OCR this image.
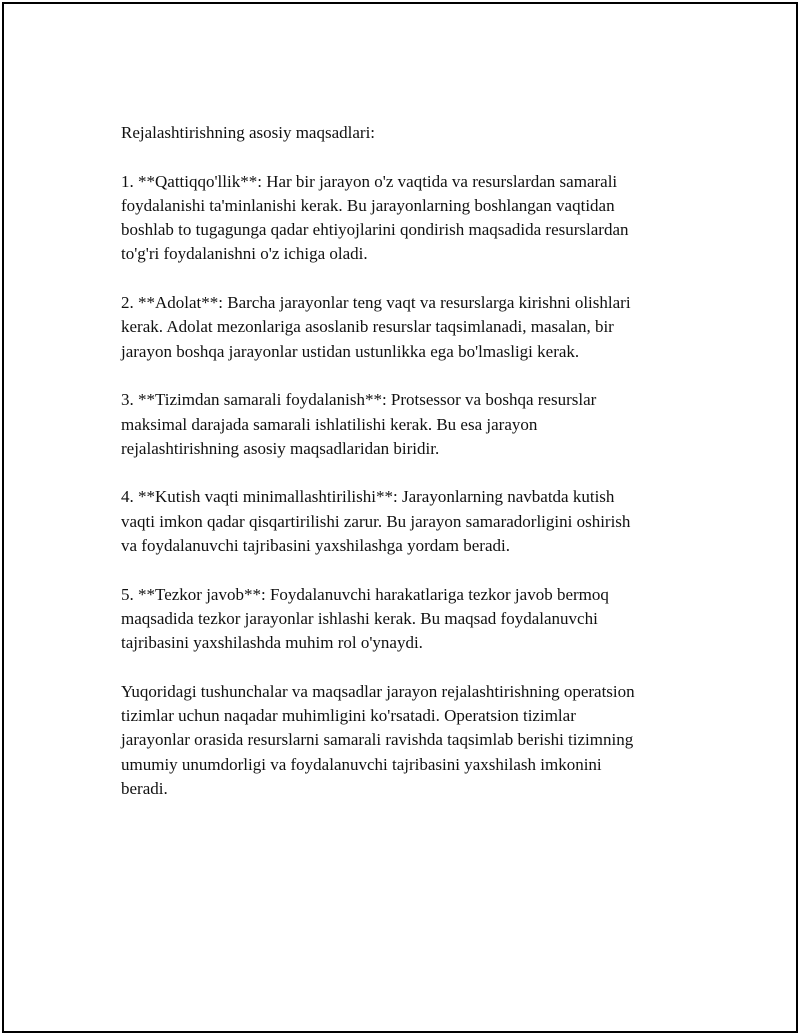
Rejalashtirishning asosiy maqsadlari:

1. **Qattiqqo'llik**: Har bir jarayon o'z vaqtida va resurslardan samarali
foydalanishi ta'minlanishi kerak. Bu jarayonlarning boshlangan vaqtidan
boshlab to tugagunga qadar ehtiyojlarini qondirish maqsadida resurslardan
to'g'ri foydalanishni o'z ichiga oladi.

2. **Adolat**: Barcha jarayonlar teng vaqt va resurslarga kirishni olishlari
kerak. Adolat mezonlariga asoslanib resurslar taqsimlanadi, masalan, bir
jarayon boshqa jarayonlar ustidan ustunlikka ega bo'lmasligi kerak.

3. **Tizimdan samarali foydalanish**: Protsessor va boshqa resurslar
maksimal darajada samarali ishlatilishi kerak. Bu esa jarayon
rejalashtirishning asosiy maqsadlaridan biridir.

4. **Kutish vaqti minimallashtirilishi**: Jarayonlarning navbatda kutish
vaqti imkon qadar qisqartirilishi zarur. Bu jarayon samaradorligini oshirish
va foydalanuvchi tajribasini yaxshilashga yordam beradi.

5. **Tezkor javob**: Foydalanuvchi harakatlariga tezkor javob bermoq
maqsadida tezkor jarayonlar ishlashi kerak. Bu maqsad foydalanuvchi
tajribasini yaxshilashda muhim rol o'ynaydi.

Yuqoridagi tushunchalar va maqsadlar jarayon rejalashtirishning operatsion
tizimlar uchun naqadar muhimligini ko'rsatadi. Operatsion tizimlar
jarayonlar orasida resurslarni samarali ravishda taqsimlab berishi tizimning
umumiy unumdorligi va foydalanuvchi tajribasini yaxshilash imkonini
beradi.
